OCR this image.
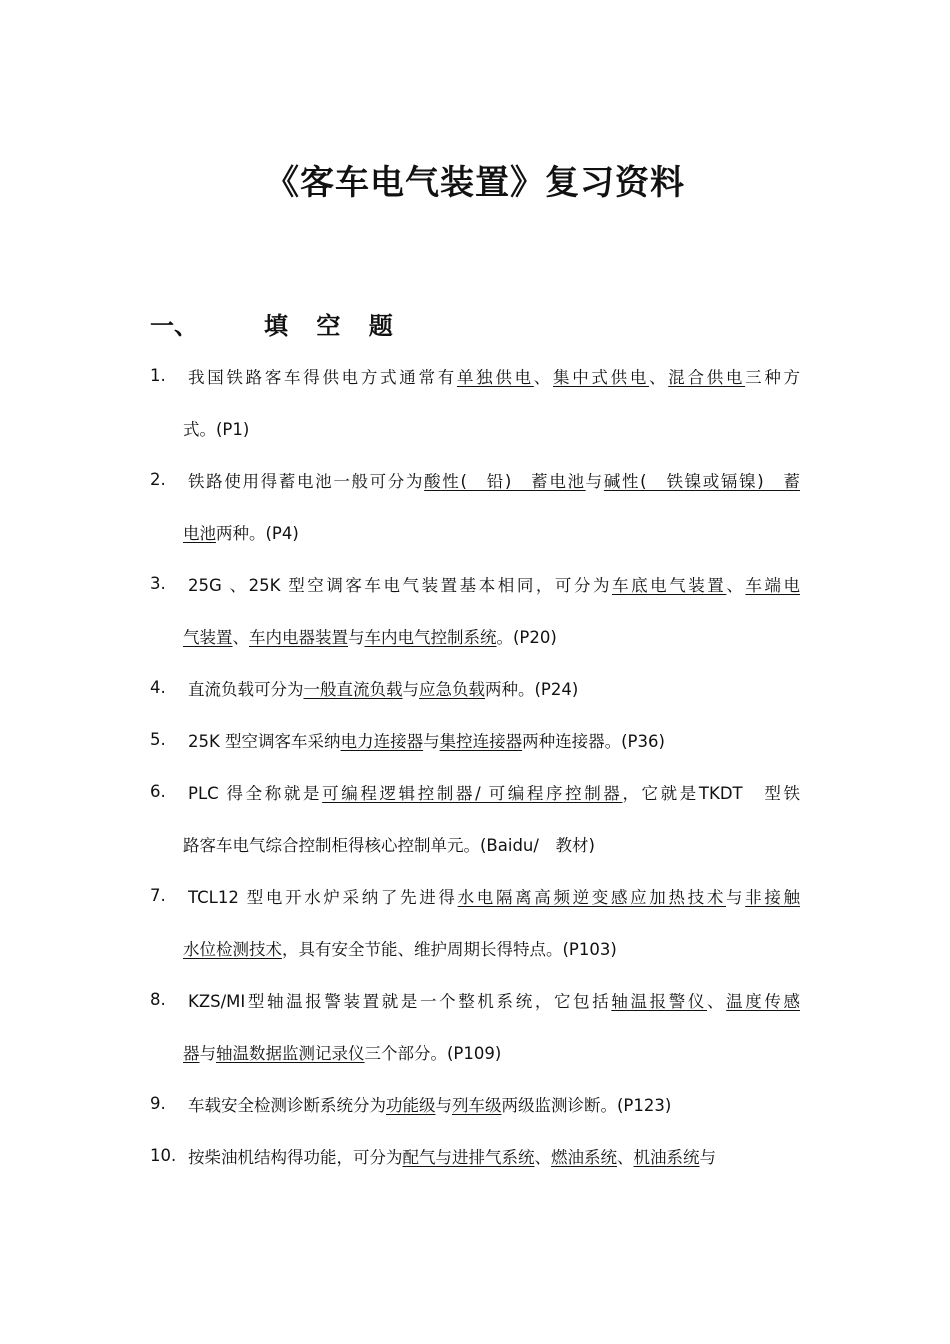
《客车电气装置》复习资料
一、	填 空 题
1.	我国铁路客车得供电方式通常有单独供电、集中式供电、混合供电三种方
式。(P1)
2.	铁路使用得蓄电池一般可分为酸性(　铅)　蓄电池与碱性(　铁镍或镉镍)　蓄
电池两种。(P4)
3.	25G 、25K 型空调客车电气装置基本相同，可分为车底电气装置、车端电
气装置、车内电器装置与车内电气控制系统。(P20)
4.	直流负载可分为一般直流负载与应急负载两种。(P24)
5.	25K 型空调客车采纳电力连接器与集控连接器两种连接器。(P36)
6.	PLC 得全称就是可编程逻辑控制器/ 可编程序控制器，它就是TKDT　型铁
路客车电气综合控制柜得核心控制单元。(Baidu/　教材)
7.	TCL12 型电开水炉采纳了先进得水电隔离高频逆变感应加热技术与非接触
水位检测技术，具有安全节能、维护周期长得特点。(P103)
8.	KZS/MI型轴温报警装置就是一个整机系统，它包括轴温报警仪、温度传感
器与轴温数据监测记录仪三个部分。(P109)
9.	车载安全检测诊断系统分为功能级与列车级两级监测诊断。(P123)
10. 按柴油机结构得功能，可分为配气与进排气系统、燃油系统、机油系统与
